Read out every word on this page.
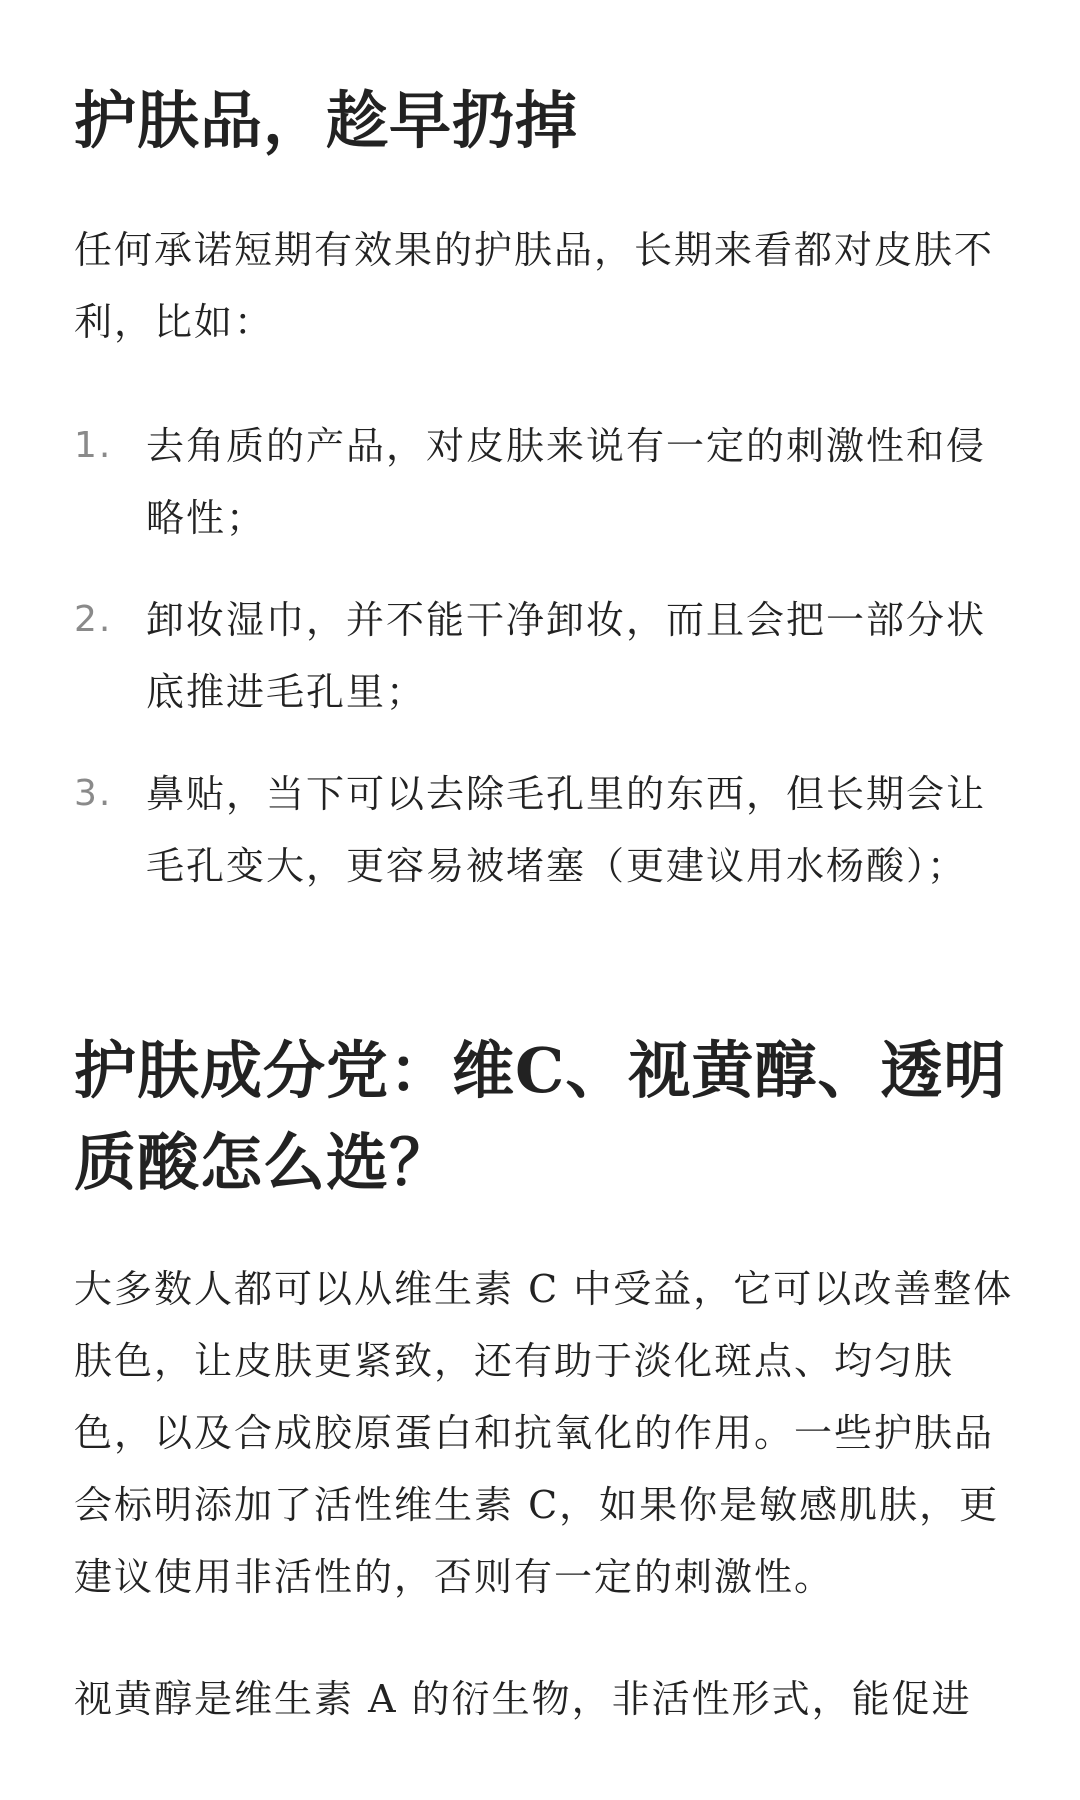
护肤品，趁早扔掉

任何承诺短期有效果的护肤品，长期来看都对皮肤不利，比如：

1. 去角质的产品，对皮肤来说有一定的刺激性和侵略性；
2. 卸妆湿巾，并不能干净卸妆，而且会把一部分状底推进毛孔里；
3. 鼻贴，当下可以去除毛孔里的东西，但长期会让毛孔变大，更容易被堵塞（更建议用水杨酸）；
护肤成分党：维C、视黄醇、透明质酸怎么选？

大多数人都可以从维生素 C 中受益，它可以改善整体肤色，让皮肤更紧致，还有助于淡化斑点、均匀肤色，以及合成胶原蛋白和抗氧化的作用。一些护肤品会标明添加了活性维生素 C，如果你是敏感肌肤，更建议使用非活性的，否则有一定的刺激性。

视黄醇是维生素 A 的衍生物，非活性形式，能促进
